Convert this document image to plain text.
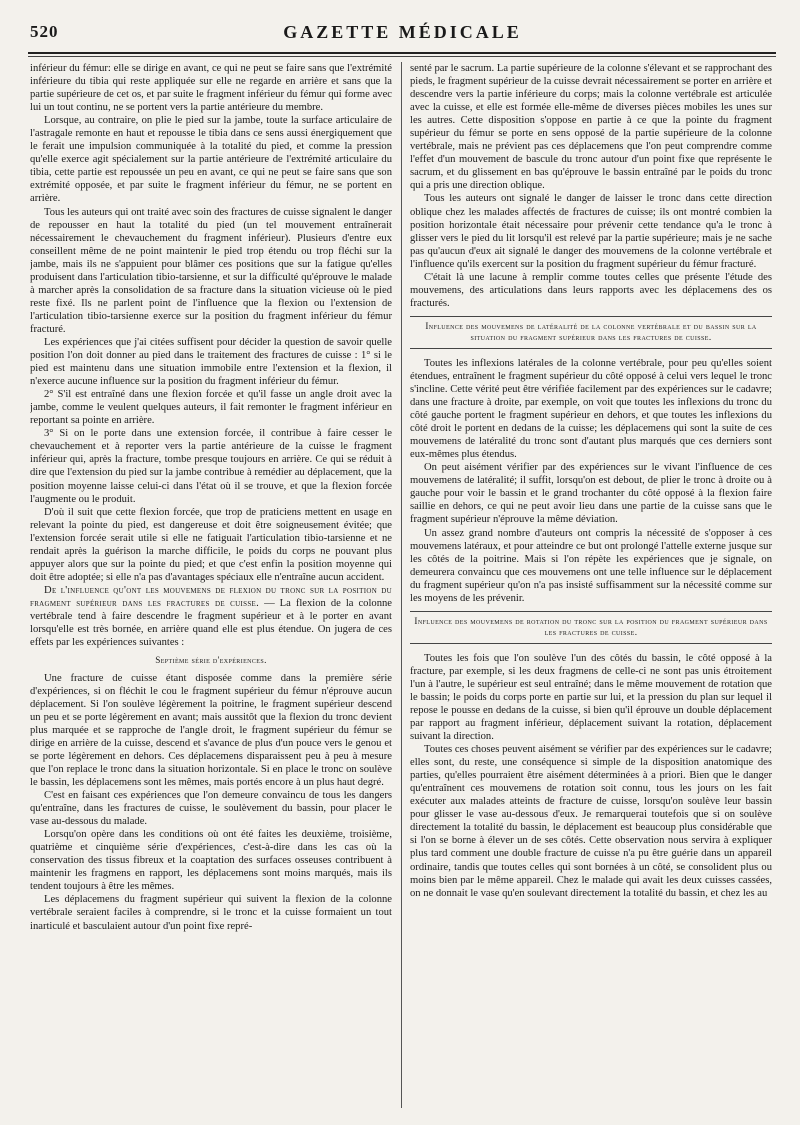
520	GAZETTE MÉDICALE

inférieur du fémur: elle se dirige en avant, ce qui ne peut se faire sans que l'extrémité inférieure du tibia qui reste appliquée sur elle ne regarde en arrière et sans que la partie supérieure de cet os, et par suite le fragment inférieur du fémur qui forme avec lui un tout continu, ne se portent vers la partie antérieure du membre.

Lorsque, au contraire, on plie le pied sur la jambe, toute la surface articulaire de l'astragale remonte en haut et repousse le tibia dans ce sens aussi énergiquement que le ferait une impulsion communiquée à la totalité du pied, et comme la pression qu'elle exerce agit spécialement sur la partie antérieure de l'extrémité articulaire du tibia, cette partie est repoussée un peu en avant, ce qui ne peut se faire sans que son extrémité opposée, et par suite le fragment inférieur du fémur, ne se portent en arrière.

Tous les auteurs qui ont traité avec soin des fractures de cuisse signalent le danger de repousser en haut la totalité du pied (un tel mouvement entraînerait nécessairement le chevauchement du fragment inférieur). Plusieurs d'entre eux conseillent même de ne point maintenir le pied trop étendu ou trop fléchi sur la jambe, mais ils ne s'appuient pour blâmer ces positions que sur la fatigue qu'elles produisent dans l'articulation tibio-tarsienne, et sur la difficulté qu'éprouve le malade à marcher après la consolidation de sa fracture dans la situation vicieuse où le pied reste fixé. Ils ne parlent point de l'influence que la flexion ou l'extension de l'articulation tibio-tarsienne exerce sur la position du fragment inférieur du fémur fracturé.

Les expériences que j'ai citées suffisent pour décider la question de savoir quelle position l'on doit donner au pied dans le traitement des fractures de cuisse : 1° si le pied est maintenu dans une situation immobile entre l'extension et la flexion, il n'exerce aucune influence sur la position du fragment inférieur du fémur.

2° S'il est entraîné dans une flexion forcée et qu'il fasse un angle droit avec la jambe, comme le veulent quelques auteurs, il fait remonter le fragment inférieur en reportant sa pointe en arrière.

3° Si on le porte dans une extension forcée, il contribue à faire cesser le chevauchement et à reporter vers la partie antérieure de la cuisse le fragment inférieur qui, après la fracture, tombe presque toujours en arrière. Ce qui se réduit à dire que l'extension du pied sur la jambe contribue à remédier au déplacement, que la position moyenne laisse celui-ci dans l'état où il se trouve, et que la flexion forcée l'augmente ou le produit.

D'où il suit que cette flexion forcée, que trop de praticiens mettent en usage en relevant la pointe du pied, est dangereuse et doit être soigneusement évitée; que l'extension forcée serait utile si elle ne fatiguait l'articulation tibio-tarsienne et ne rendait après la guérison la marche difficile, le poids du corps ne pouvant plus appuyer alors que sur la pointe du pied; et que c'est enfin la position moyenne qui doit être adoptée; si elle n'a pas d'avantages spéciaux elle n'entraîne aucun accident.

De l'influence qu'ont les mouvemens de flexion du tronc sur la position du fragment supérieur dans les fractures de cuisse. — La flexion de la colonne vertébrale tend à faire descendre le fragment supérieur et à le porter en avant lorsqu'elle est très bornée, en arrière quand elle est plus étendue. On jugera de ces effets par les expériences suivantes :

Septième série d'expériences.

Une fracture de cuisse étant disposée comme dans la première série d'expériences, si on fléchit le cou le fragment supérieur du fémur n'éprouve aucun déplacement. Si l'on soulève légèrement la poitrine, le fragment supérieur descend un peu et se porte légèrement en avant; mais aussitôt que la flexion du tronc devient plus marquée et se rapproche de l'angle droit, le fragment supérieur du fémur se dirige en arrière de la cuisse, descend et s'avance de plus d'un pouce vers le genou et se porte légèrement en dehors. Ces déplacemens disparaissent peu à peu à mesure que l'on replace le tronc dans la situation horizontale. Si en place le tronc on soulève le bassin, les déplacemens sont les mêmes, mais portés encore à un plus haut degré.

C'est en faisant ces expériences que l'on demeure convaincu de tous les dangers qu'entraîne, dans les fractures de cuisse, le soulèvement du bassin, pour placer le vase au-dessous du malade.

Lorsqu'on opère dans les conditions où ont été faites les deuxième, troisième, quatrième et cinquième série d'expériences, c'est-à-dire dans les cas où la conservation des tissus fibreux et la coaptation des surfaces osseuses contribuent à maintenir les fragmens en rapport, les déplacemens sont moins marqués, mais ils tendent toujours à être les mêmes.

Les déplacemens du fragment supérieur qui suivent la flexion de la colonne vertébrale seraient faciles à comprendre, si le tronc et la cuisse formaient un tout inarticulé et basculaient autour d'un point fixe repré-

senté par le sacrum. La partie supérieure de la colonne s'élevant et se rapprochant des pieds, le fragment supérieur de la cuisse devrait nécessairement se porter en arrière et descendre vers la partie inférieure du corps; mais la colonne vertébrale est articulée avec la cuisse, et elle est formée elle-même de diverses pièces mobiles les unes sur les autres. Cette disposition s'oppose en partie à ce que la pointe du fragment supérieur du fémur se porte en sens opposé de la partie supérieure de la colonne vertébrale, mais ne prévient pas ces déplacemens que l'on peut comprendre comme l'effet d'un mouvement de bascule du tronc autour d'un point fixe que représente le sacrum, et du glissement en bas qu'éprouve le bassin entraîné par le poids du tronc qui a pris une direction oblique.

Tous les auteurs ont signalé le danger de laisser le tronc dans cette direction oblique chez les malades affectés de fractures de cuisse; ils ont montré combien la position horizontale était nécessaire pour prévenir cette tendance qu'a le tronc à glisser vers le pied du lit lorsqu'il est relevé par la partie supérieure; mais je ne sache pas qu'aucun d'eux ait signalé le danger des mouvemens de la colonne vertébrale et l'influence qu'ils exercent sur la position du fragment supérieur du fémur fracturé.

C'était là une lacune à remplir comme toutes celles que présente l'étude des mouvemens, des articulations dans leurs rapports avec les déplacemens des os fracturés.

Influence des mouvemens de latéralité de la colonne vertébrale et du bassin sur la situation du fragment supérieur dans les fractures de cuisse.

Toutes les inflexions latérales de la colonne vertébrale, pour peu qu'elles soient étendues, entraînent le fragment supérieur du côté opposé à celui vers lequel le tronc s'incline. Cette vérité peut être vérifiée facilement par des expériences sur le cadavre; dans une fracture à droite, par exemple, on voit que toutes les inflexions du tronc du côté gauche portent le fragment supérieur en dehors, et que toutes les inflexions du côté droit le portent en dedans de la cuisse; les déplacemens qui sont la suite de ces mouvemens de latéralité du tronc sont d'autant plus marqués que ces derniers sont eux-mêmes plus étendus.

On peut aisément vérifier par des expériences sur le vivant l'influence de ces mouvemens de latéralité; il suffit, lorsqu'on est debout, de plier le tronc à droite ou à gauche pour voir le bassin et le grand trochanter du côté opposé à la flexion faire saillie en dehors, ce qui ne peut avoir lieu dans une partie de la cuisse sans que le fragment supérieur n'éprouve la même déviation.

Un assez grand nombre d'auteurs ont compris la nécessité de s'opposer à ces mouvemens latéraux, et pour atteindre ce but ont prolongé l'attelle externe jusque sur les côtés de la poitrine. Mais si l'on répète les expériences que je signale, on demeurera convaincu que ces mouvemens ont une telle influence sur le déplacement du fragment supérieur qu'on n'a pas insisté suffisamment sur la nécessité comme sur les moyens de les prévenir.

Influence des mouvemens de rotation du tronc sur la position du fragment supérieur dans les fractures de cuisse.

Toutes les fois que l'on soulève l'un des côtés du bassin, le côté opposé à la fracture, par exemple, si les deux fragmens de celle-ci ne sont pas unis étroitement l'un à l'autre, le supérieur est seul entraîné; dans le même mouvement de rotation que le bassin; le poids du corps porte en partie sur lui, et la pression du plan sur lequel il repose le pousse en dedans de la cuisse, si bien qu'il éprouve un double déplacement par rapport au fragment inférieur, déplacement suivant la rotation, déplacement suivant la direction.

Toutes ces choses peuvent aisément se vérifier par des expériences sur le cadavre; elles sont, du reste, une conséquence si simple de la disposition anatomique des parties, qu'elles pourraient être aisément déterminées à a priori. Bien que le danger qu'entraînent ces mouvemens de rotation soit connu, tous les jours on les fait exécuter aux malades atteints de fracture de cuisse, lorsqu'on soulève leur bassin pour glisser le vase au-dessous d'eux. Je remarquerai toutefois que si on soulève directement la totalité du bassin, le déplacement est beaucoup plus considérable que si l'on se borne à élever un de ses côtés. Cette observation nous servira à expliquer plus tard comment une double fracture de cuisse n'a pu être guérie dans un appareil ordinaire, tandis que toutes celles qui sont bornées à un côté, se consolident plus ou moins bien par le même appareil. Chez le malade qui avait les deux cuisses cassées, on ne donnait le vase qu'en soulevant directement la totalité du bassin, et chez les au
